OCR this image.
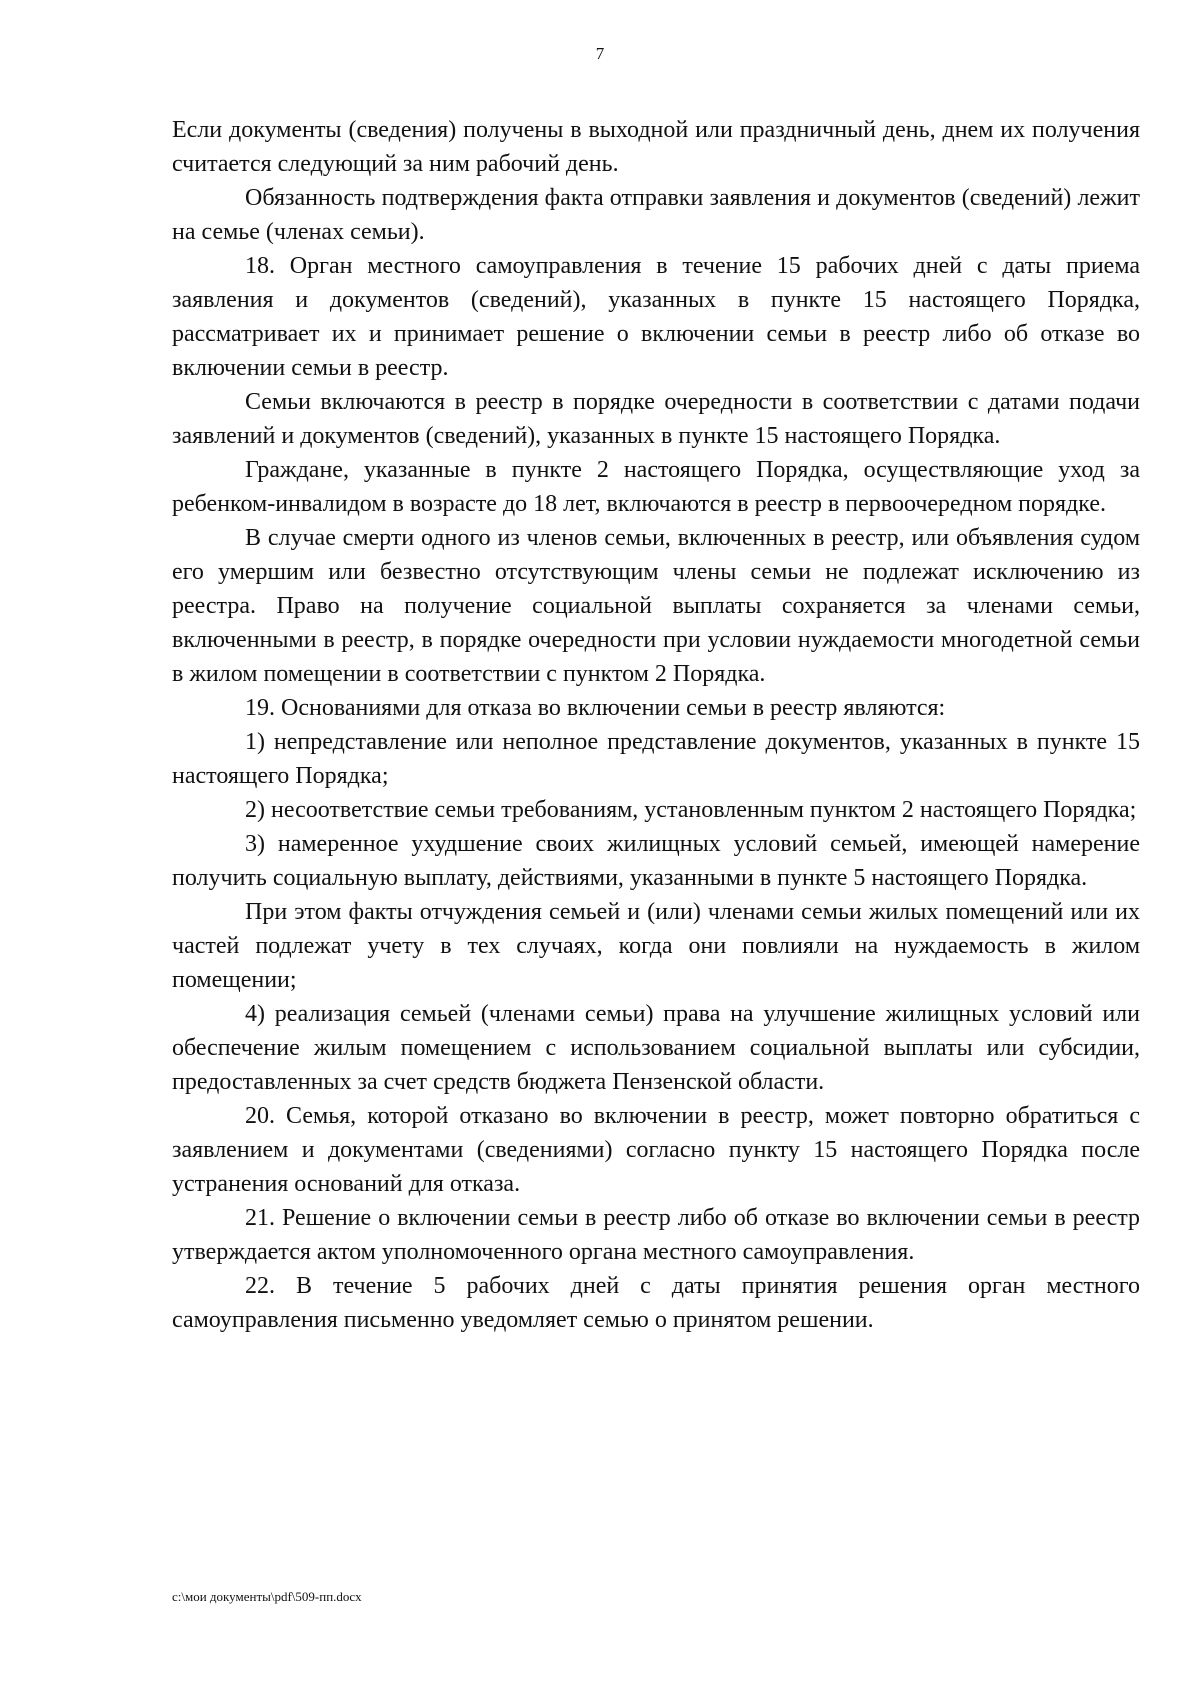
7

Если документы (сведения) получены в выходной или праздничный день, днем их получения считается следующий за ним рабочий день.

Обязанность подтверждения факта отправки заявления и документов (сведений) лежит на семье (членах семьи).

18. Орган местного самоуправления в течение 15 рабочих дней с даты приема заявления и документов (сведений), указанных в пункте 15 настоящего Порядка, рассматривает их и принимает решение о включении семьи в реестр либо об отказе во включении семьи в реестр.

Семьи включаются в реестр в порядке очередности в соответствии с датами подачи заявлений и документов (сведений), указанных в пункте 15 настоящего Порядка.

Граждане, указанные в пункте 2 настоящего Порядка, осуществляющие уход за ребенком-инвалидом в возрасте до 18 лет, включаются в реестр в первоочередном порядке.

В случае смерти одного из членов семьи, включенных в реестр, или объявления судом его умершим или безвестно отсутствующим члены семьи не подлежат исключению из реестра. Право на получение социальной выплаты сохраняется за членами семьи, включенными в реестр, в порядке очередности при условии нуждаемости многодетной семьи в жилом помещении в соответствии с пунктом 2 Порядка.

19. Основаниями для отказа во включении семьи в реестр являются:

1) непредставление или неполное представление документов, указанных в пункте 15 настоящего Порядка;

2) несоответствие семьи требованиям, установленным пунктом 2 настоящего Порядка;

3) намеренное ухудшение своих жилищных условий семьей, имеющей намерение получить социальную выплату, действиями, указанными в пункте 5 настоящего Порядка.

При этом факты отчуждения семьей и (или) членами семьи жилых помещений или их частей подлежат учету в тех случаях, когда они повлияли на нуждаемость в жилом помещении;

4) реализация семьей (членами семьи) права на улучшение жилищных условий или обеспечение жилым помещением с использованием социальной выплаты или субсидии, предоставленных за счет средств бюджета Пензенской области.

20. Семья, которой отказано во включении в реестр, может повторно обратиться с заявлением и документами (сведениями) согласно пункту 15 настоящего Порядка после устранения оснований для отказа.

21. Решение о включении семьи в реестр либо об отказе во включении семьи в реестр утверждается актом уполномоченного органа местного самоуправления.

22. В течение 5 рабочих дней с даты принятия решения орган местного самоуправления письменно уведомляет семью о принятом решении.

c:\мои документы\pdf\509-пп.docx
